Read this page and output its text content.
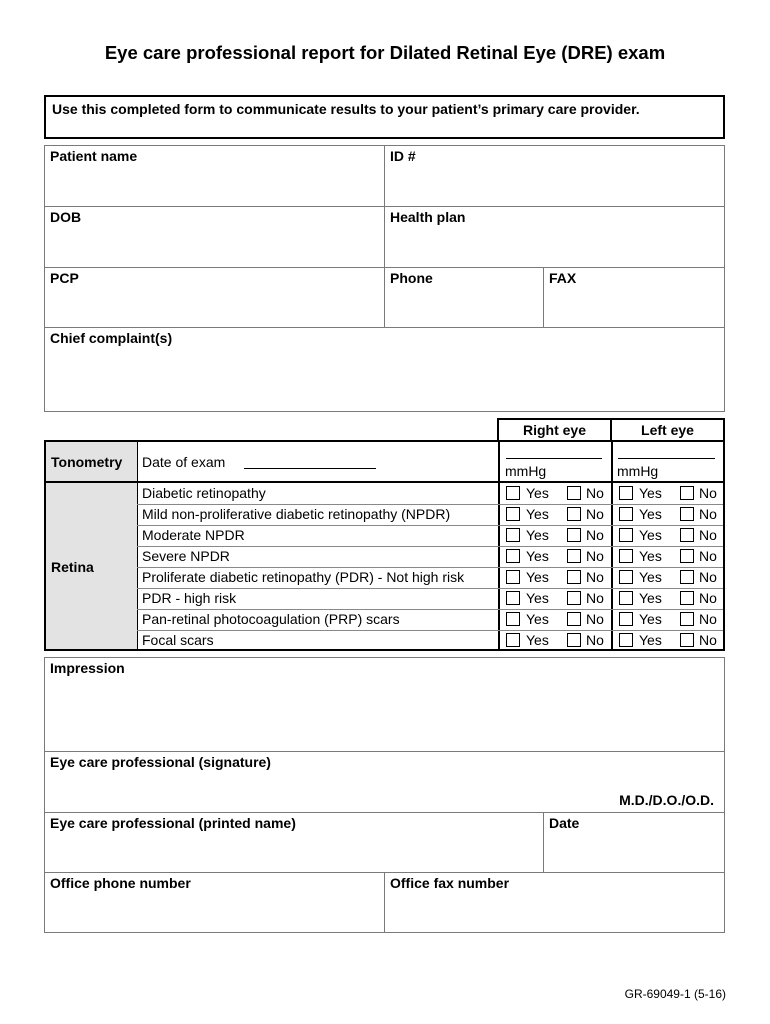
Eye care professional report for Dilated Retinal Eye (DRE) exam
Use this completed form to communicate results to your patient’s primary care provider.
Patient name	ID #
DOB	Health plan
PCP	Phone	FAX
Chief complaint(s)
Right eye	Left eye
Tonometry Date of exam
mmHg	mmHg
Retina
Diabetic retinopathy	Yes	No	Yes	No
Mild non-proliferative diabetic retinopathy (NPDR)	Yes	No	Yes	No
Moderate NPDR	Yes	No	Yes	No
Severe NPDR	Yes	No	Yes	No
Proliferate diabetic retinopathy (PDR) - Not high risk	Yes	No	Yes	No
PDR - high risk	Yes	No	Yes	No
Pan-retinal photocoagulation (PRP) scars	Yes	No	Yes	No
Focal scars	Yes	No	Yes	No
Impression
Eye care professional (signature)
M.D./D.O./O.D.
Eye care professional (printed name)	Date
Office phone number	Office fax number
GR-69049-1 (5-16)
